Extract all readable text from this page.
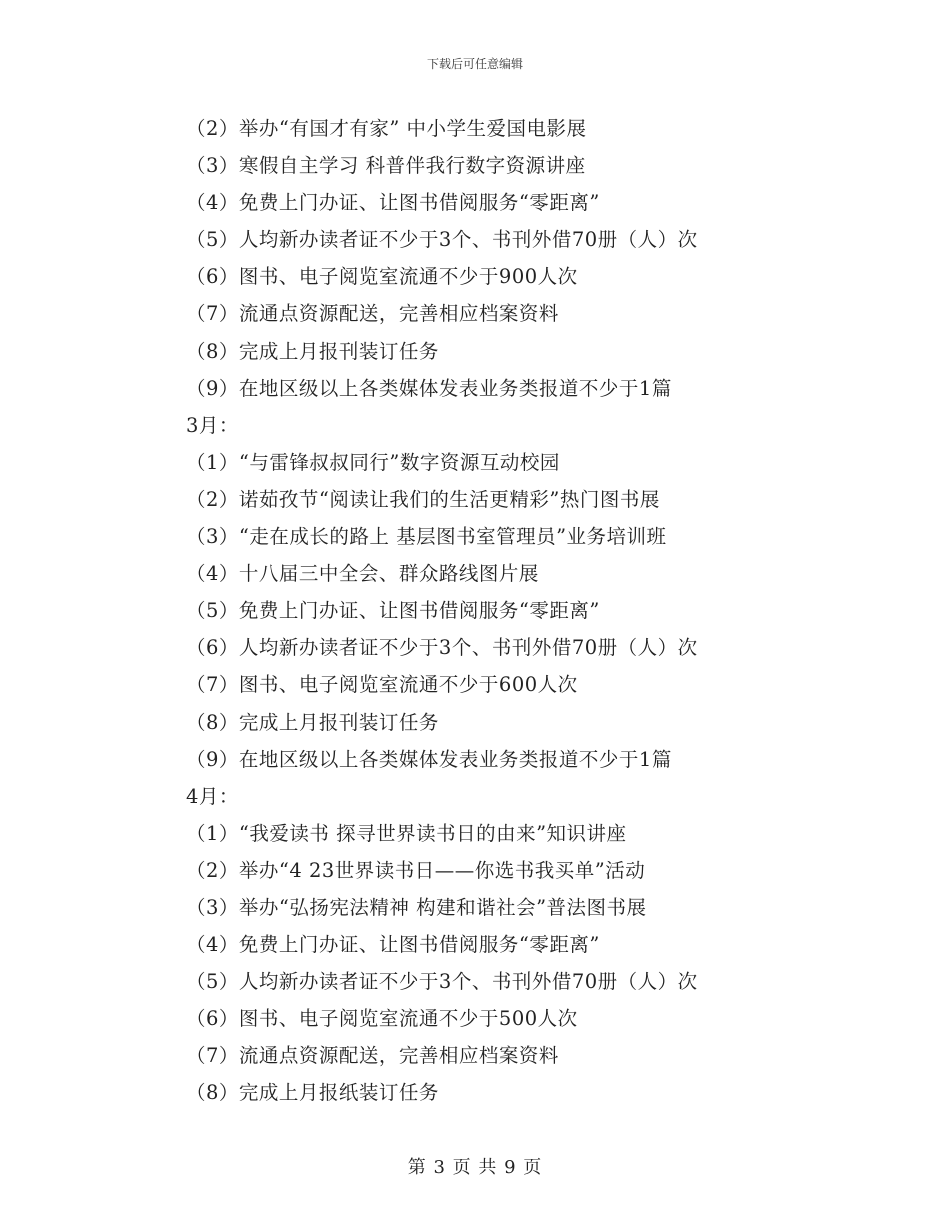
下载后可任意编辑
（2）举办“有国才有家” 中小学生爱国电影展
（3）寒假自主学习 科普伴我行数字资源讲座
（4）免费上门办证、让图书借阅服务“零距离”
（5）人均新办读者证不少于3个、书刊外借70册（人）次
（6）图书、电子阅览室流通不少于900人次
（7）流通点资源配送，完善相应档案资料
（8）完成上月报刊装订任务
（9）在地区级以上各类媒体发表业务类报道不少于1篇
3月：
（1）“与雷锋叔叔同行”数字资源互动校园
（2）诺茹孜节“阅读让我们的生活更精彩”热门图书展
（3）“走在成长的路上 基层图书室管理员”业务培训班
（4）十八届三中全会、群众路线图片展
（5）免费上门办证、让图书借阅服务“零距离”
（6）人均新办读者证不少于3个、书刊外借70册（人）次
（7）图书、电子阅览室流通不少于600人次
（8）完成上月报刊装订任务
（9）在地区级以上各类媒体发表业务类报道不少于1篇
4月：
（1）“我爱读书 探寻世界读书日的由来”知识讲座
（2）举办“4 23世界读书日——你选书我买单”活动
（3）举办“弘扬宪法精神 构建和谐社会”普法图书展
（4）免费上门办证、让图书借阅服务“零距离”
（5）人均新办读者证不少于3个、书刊外借70册（人）次
（6）图书、电子阅览室流通不少于500人次
（7）流通点资源配送，完善相应档案资料
（8）完成上月报纸装订任务
第 3 页 共 9 页
